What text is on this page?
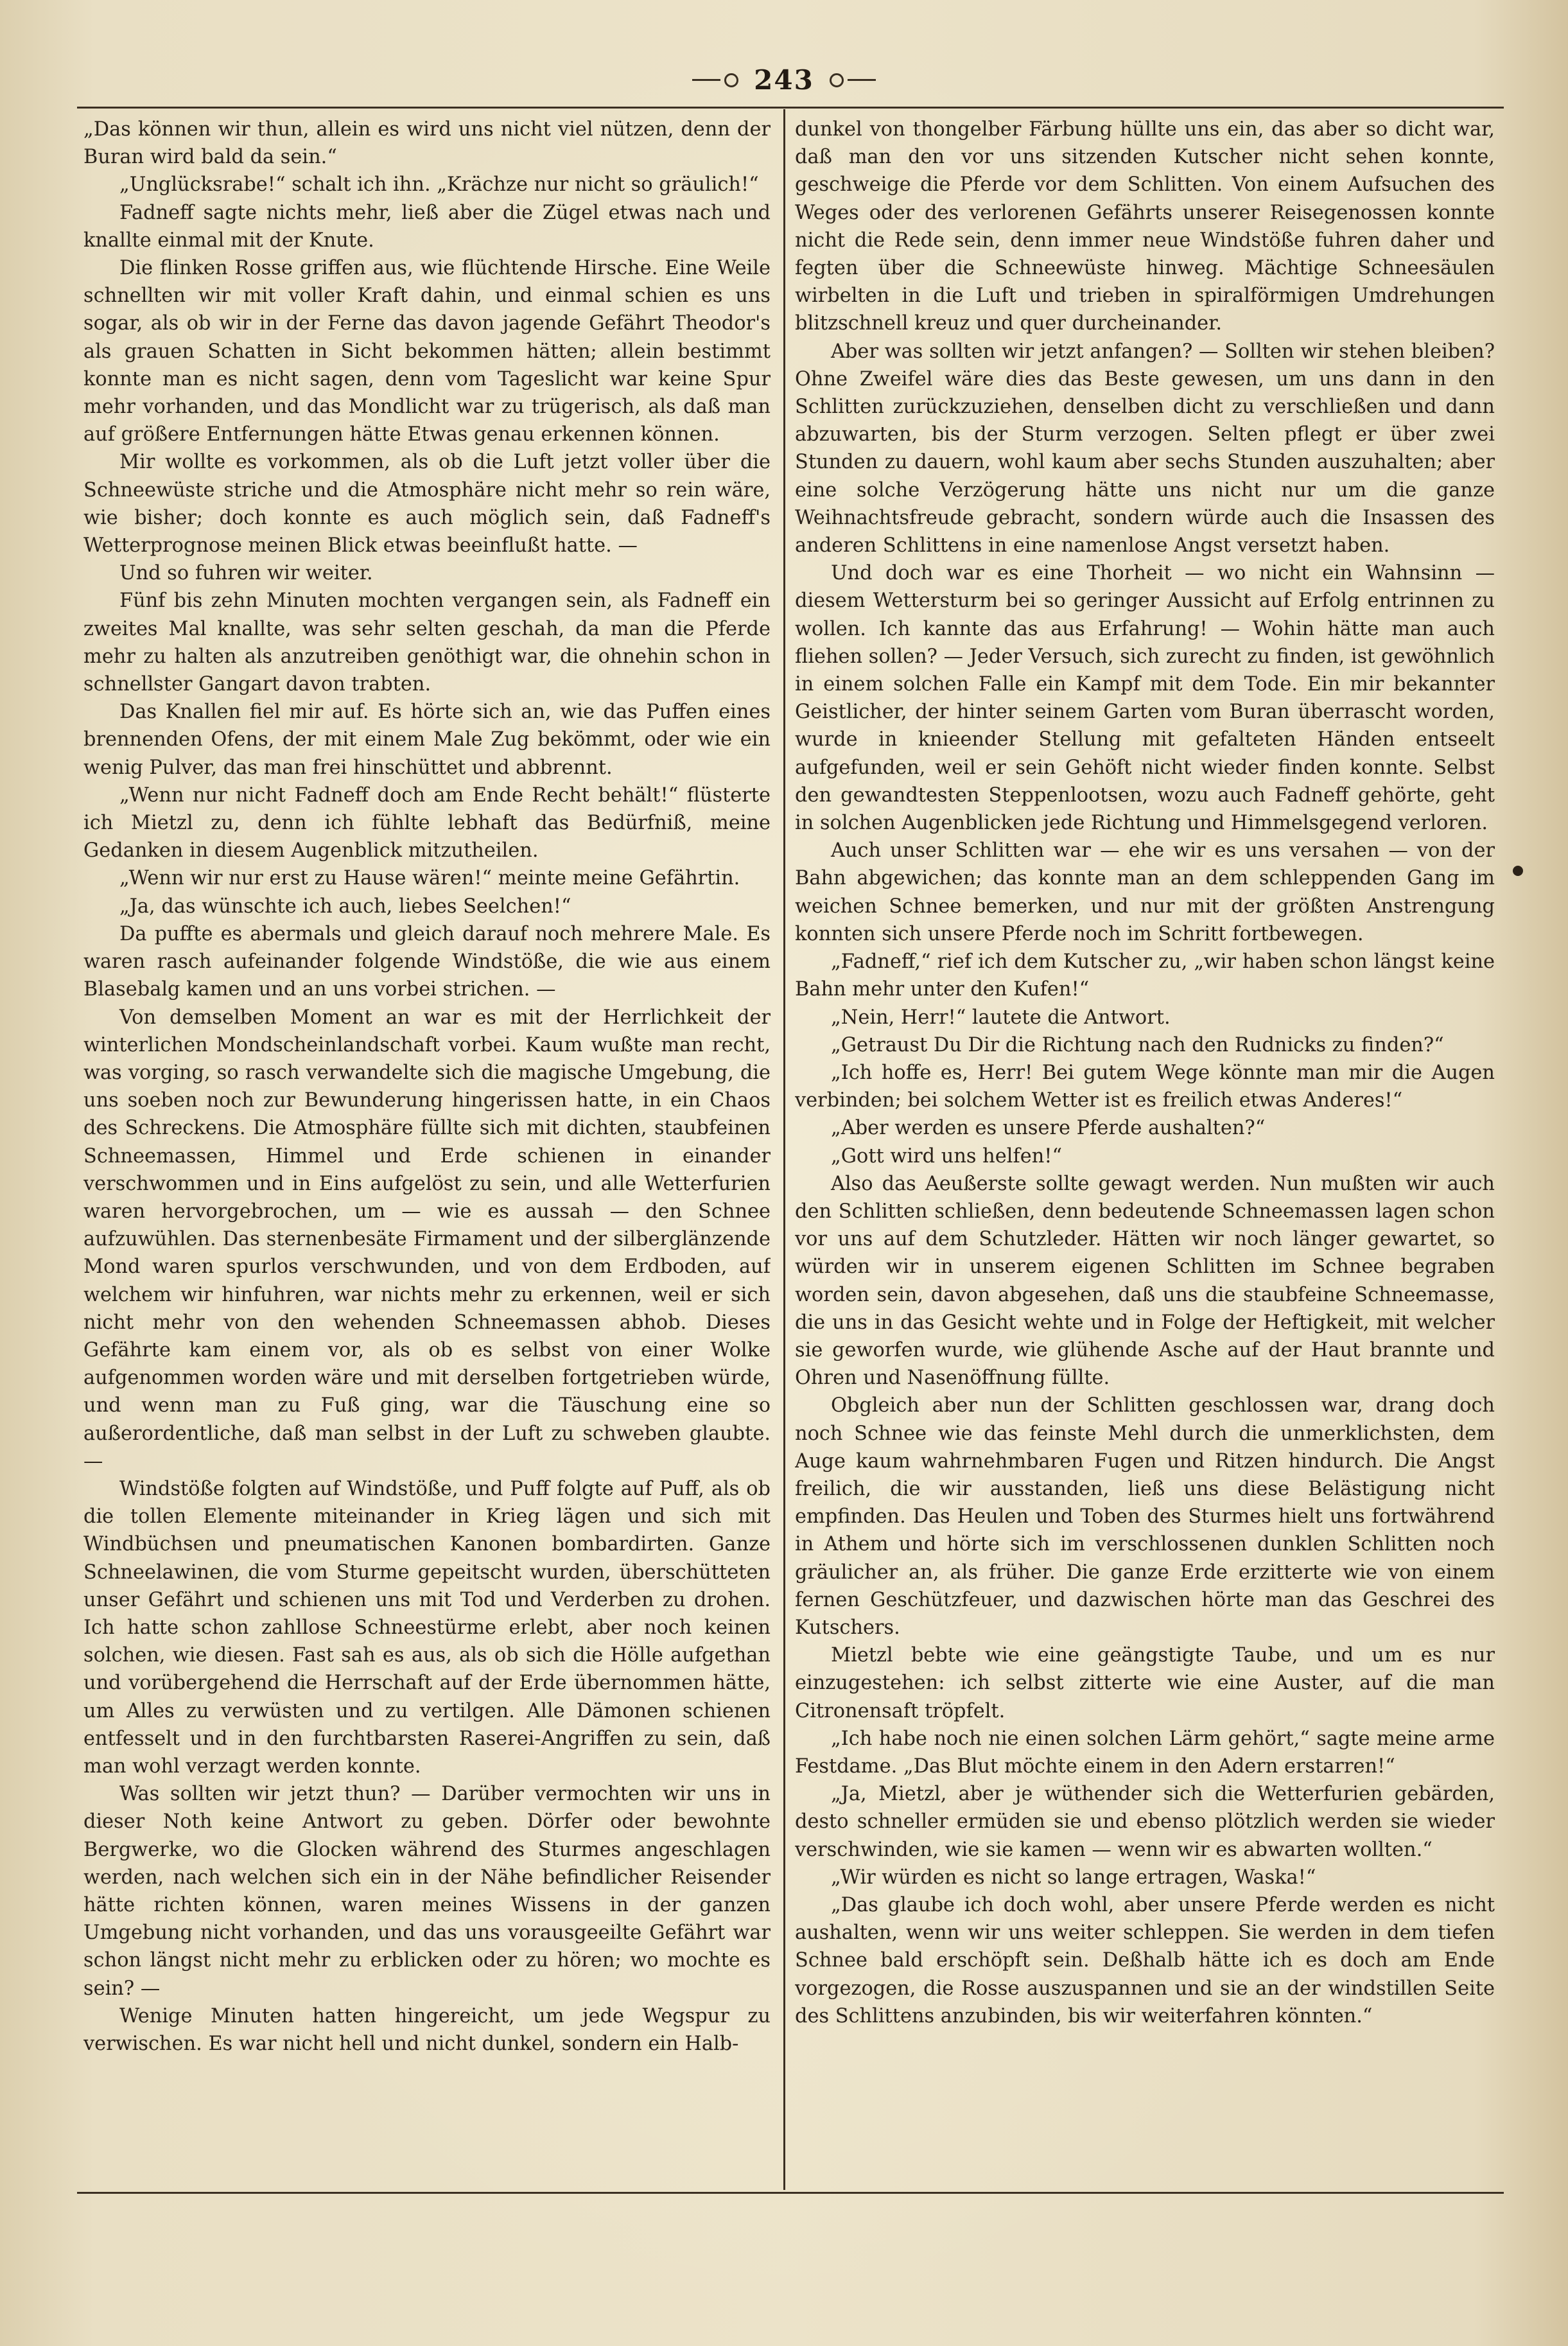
243

„Das können wir thun, allein es wird uns nicht viel nützen, denn der Buran wird bald da sein.“

„Unglücksrabe!“ schalt ich ihn. „Krächze nur nicht so gräulich!“

Fadneff sagte nichts mehr, ließ aber die Zügel etwas nach und knallte einmal mit der Knute.

Die flinken Rosse griffen aus, wie flüchtende Hirsche. Eine Weile schnellten wir mit voller Kraft dahin, und einmal schien es uns sogar, als ob wir in der Ferne das davon jagende Gefährt Theodor's als grauen Schatten in Sicht bekommen hätten; allein bestimmt konnte man es nicht sagen, denn vom Tageslicht war keine Spur mehr vorhanden, und das Mondlicht war zu trügerisch, als daß man auf größere Entfernungen hätte Etwas genau erkennen können.

Mir wollte es vorkommen, als ob die Luft jetzt voller über die Schneewüste striche und die Atmosphäre nicht mehr so rein wäre, wie bisher; doch konnte es auch möglich sein, daß Fadneff's Wetterprognose meinen Blick etwas beeinflußt hatte. —

Und so fuhren wir weiter.

Fünf bis zehn Minuten mochten vergangen sein, als Fadneff ein zweites Mal knallte, was sehr selten geschah, da man die Pferde mehr zu halten als anzutreiben genöthigt war, die ohnehin schon in schnellster Gangart davon trabten.

Das Knallen fiel mir auf. Es hörte sich an, wie das Puffen eines brennenden Ofens, der mit einem Male Zug bekömmt, oder wie ein wenig Pulver, das man frei hinschüttet und abbrennt.

„Wenn nur nicht Fadneff doch am Ende Recht behält!“ flüsterte ich Mietzl zu, denn ich fühlte lebhaft das Bedürfniß, meine Gedanken in diesem Augenblick mitzutheilen.

„Wenn wir nur erst zu Hause wären!“ meinte meine Gefährtin.

„Ja, das wünschte ich auch, liebes Seelchen!“

Da puffte es abermals und gleich darauf noch mehrere Male. Es waren rasch aufeinander folgende Windstöße, die wie aus einem Blasebalg kamen und an uns vorbei strichen. —

Von demselben Moment an war es mit der Herrlichkeit der winterlichen Mondscheinlandschaft vorbei. Kaum wußte man recht, was vorging, so rasch verwandelte sich die magische Umgebung, die uns soeben noch zur Bewunderung hingerissen hatte, in ein Chaos des Schreckens. Die Atmosphäre füllte sich mit dichten, staubfeinen Schneemassen, Himmel und Erde schienen in einander verschwommen und in Eins aufgelöst zu sein, und alle Wetterfurien waren hervorgebrochen, um — wie es aussah — den Schnee aufzuwühlen. Das sternenbesäte Firmament und der silberglänzende Mond waren spurlos verschwunden, und von dem Erdboden, auf welchem wir hinfuhren, war nichts mehr zu erkennen, weil er sich nicht mehr von den wehenden Schneemassen abhob. Dieses Gefährte kam einem vor, als ob es selbst von einer Wolke aufgenommen worden wäre und mit derselben fortgetrieben würde, und wenn man zu Fuß ging, war die Täuschung eine so außerordentliche, daß man selbst in der Luft zu schweben glaubte. —

Windstöße folgten auf Windstöße, und Puff folgte auf Puff, als ob die tollen Elemente miteinander in Krieg lägen und sich mit Windbüchsen und pneumatischen Kanonen bombardirten. Ganze Schneelawinen, die vom Sturme gepeitscht wurden, überschütteten unser Gefährt und schienen uns mit Tod und Verderben zu drohen. Ich hatte schon zahllose Schneestürme erlebt, aber noch keinen solchen, wie diesen. Fast sah es aus, als ob sich die Hölle aufgethan und vorübergehend die Herrschaft auf der Erde übernommen hätte, um Alles zu verwüsten und zu vertilgen. Alle Dämonen schienen entfesselt und in den furchtbarsten Raserei-Angriffen zu sein, daß man wohl verzagt werden konnte.

Was sollten wir jetzt thun? — Darüber vermochten wir uns in dieser Noth keine Antwort zu geben. Dörfer oder bewohnte Bergwerke, wo die Glocken während des Sturmes angeschlagen werden, nach welchen sich ein in der Nähe befindlicher Reisender hätte richten können, waren meines Wissens in der ganzen Umgebung nicht vorhanden, und das uns vorausgeeilte Gefährt war schon längst nicht mehr zu erblicken oder zu hören; wo mochte es sein? —

Wenige Minuten hatten hingereicht, um jede Wegspur zu verwischen. Es war nicht hell und nicht dunkel, sondern ein Halb-

dunkel von thongelber Färbung hüllte uns ein, das aber so dicht war, daß man den vor uns sitzenden Kutscher nicht sehen konnte, geschweige die Pferde vor dem Schlitten. Von einem Aufsuchen des Weges oder des verlorenen Gefährts unserer Reisegenossen konnte nicht die Rede sein, denn immer neue Windstöße fuhren daher und fegten über die Schneewüste hinweg. Mächtige Schneesäulen wirbelten in die Luft und trieben in spiralförmigen Umdrehungen blitzschnell kreuz und quer durcheinander.

Aber was sollten wir jetzt anfangen? — Sollten wir stehen bleiben? Ohne Zweifel wäre dies das Beste gewesen, um uns dann in den Schlitten zurückzuziehen, denselben dicht zu verschließen und dann abzuwarten, bis der Sturm verzogen. Selten pflegt er über zwei Stunden zu dauern, wohl kaum aber sechs Stunden auszuhalten; aber eine solche Verzögerung hätte uns nicht nur um die ganze Weihnachtsfreude gebracht, sondern würde auch die Insassen des anderen Schlittens in eine namenlose Angst versetzt haben.

Und doch war es eine Thorheit — wo nicht ein Wahnsinn — diesem Wettersturm bei so geringer Aussicht auf Erfolg entrinnen zu wollen. Ich kannte das aus Erfahrung! — Wohin hätte man auch fliehen sollen? — Jeder Versuch, sich zurecht zu finden, ist gewöhnlich in einem solchen Falle ein Kampf mit dem Tode. Ein mir bekannter Geistlicher, der hinter seinem Garten vom Buran überrascht worden, wurde in knieender Stellung mit gefalteten Händen entseelt aufgefunden, weil er sein Gehöft nicht wieder finden konnte. Selbst den gewandtesten Steppenlootsen, wozu auch Fadneff gehörte, geht in solchen Augenblicken jede Richtung und Himmelsgegend verloren.

Auch unser Schlitten war — ehe wir es uns versahen — von der Bahn abgewichen; das konnte man an dem schleppenden Gang im weichen Schnee bemerken, und nur mit der größten Anstrengung konnten sich unsere Pferde noch im Schritt fortbewegen.

„Fadneff,“ rief ich dem Kutscher zu, „wir haben schon längst keine Bahn mehr unter den Kufen!“

„Nein, Herr!“ lautete die Antwort.

„Getraust Du Dir die Richtung nach den Rudnicks zu finden?“

„Ich hoffe es, Herr! Bei gutem Wege könnte man mir die Augen verbinden; bei solchem Wetter ist es freilich etwas Anderes!“

„Aber werden es unsere Pferde aushalten?“

„Gott wird uns helfen!“

Also das Aeußerste sollte gewagt werden. Nun mußten wir auch den Schlitten schließen, denn bedeutende Schneemassen lagen schon vor uns auf dem Schutzleder. Hätten wir noch länger gewartet, so würden wir in unserem eigenen Schlitten im Schnee begraben worden sein, davon abgesehen, daß uns die staubfeine Schneemasse, die uns in das Gesicht wehte und in Folge der Heftigkeit, mit welcher sie geworfen wurde, wie glühende Asche auf der Haut brannte und Ohren und Nasenöffnung füllte.

Obgleich aber nun der Schlitten geschlossen war, drang doch noch Schnee wie das feinste Mehl durch die unmerklichsten, dem Auge kaum wahrnehmbaren Fugen und Ritzen hindurch. Die Angst freilich, die wir ausstanden, ließ uns diese Belästigung nicht empfinden. Das Heulen und Toben des Sturmes hielt uns fortwährend in Athem und hörte sich im verschlossenen dunklen Schlitten noch gräulicher an, als früher. Die ganze Erde erzitterte wie von einem fernen Geschützfeuer, und dazwischen hörte man das Geschrei des Kutschers.

Mietzl bebte wie eine geängstigte Taube, und um es nur einzugestehen: ich selbst zitterte wie eine Auster, auf die man Citronensaft tröpfelt.

„Ich habe noch nie einen solchen Lärm gehört,“ sagte meine arme Festdame. „Das Blut möchte einem in den Adern erstarren!“

„Ja, Mietzl, aber je wüthender sich die Wetterfurien gebärden, desto schneller ermüden sie und ebenso plötzlich werden sie wieder verschwinden, wie sie kamen — wenn wir es abwarten wollten.“

„Wir würden es nicht so lange ertragen, Waska!“

„Das glaube ich doch wohl, aber unsere Pferde werden es nicht aushalten, wenn wir uns weiter schleppen. Sie werden in dem tiefen Schnee bald erschöpft sein. Deßhalb hätte ich es doch am Ende vorgezogen, die Rosse auszuspannen und sie an der windstillen Seite des Schlittens anzubinden, bis wir weiterfahren könnten.“
